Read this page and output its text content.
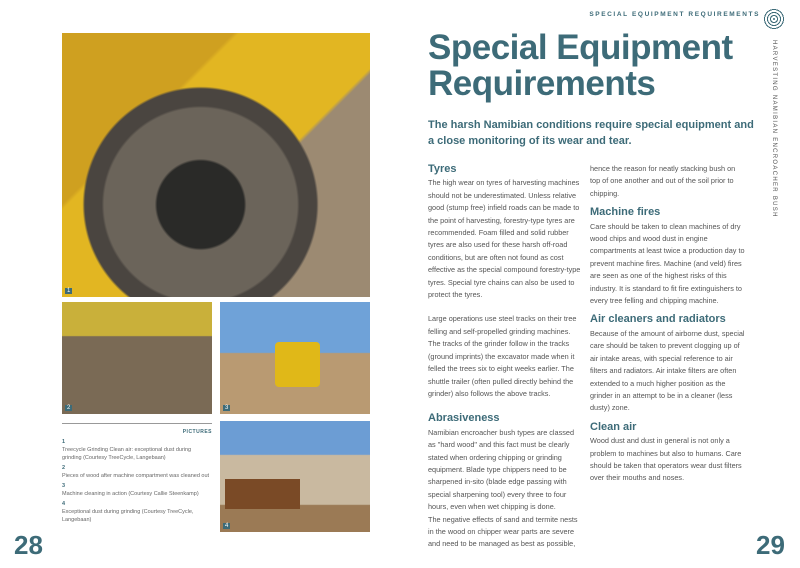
1
2	3
4
PICTURES
1
Treecycle Grinding Clean air: exceptional dust during grinding (Courtesy TreeCycle, Langebaan)
2
Pieces of wood after machine compartment was cleaned out
3
Machine cleaning in action (Courtesy Callie Steenkamp)
4
Exceptional dust during grinding (Courtesy TreeCycle, Langebaan)
28	29
SPECIAL EQUIPMENT REQUIREMENTS
HARVESTING NAMIBIAN ENCROACHER BUSH
Special Equipment Requirements
The harsh Namibian conditions require special equipment and a close monitoring of its wear and tear.
Tyres

The high wear on tyres of harvesting machines should not be underestimated. Unless relative good (stump free) infield roads can be made to the point of harvesting, forestry-type tyres are recommended. Foam filled and solid rubber tyres are also used for these harsh off-road conditions, but are often not found as cost effective as the special compound forestry-type tyres. Special tyre chains can also be used to protect the tyres.

Large operations use steel tracks on their tree felling and self-propelled grinding machines. The tracks of the grinder follow in the tracks (ground imprints) the excavator made when it felled the trees six to eight weeks earlier. The shuttle trailer (often pulled directly behind the grinder) also follows the above tracks.

Abrasiveness

Namibian encroacher bush types are classed as "hard wood" and this fact must be clearly stated when ordering chipping or grinding equipment. Blade type chippers need to be sharpened in-sito (blade edge passing with special sharpening tool) every three to four hours, even when wet chipping is done.

The negative effects of sand and termite nests in the wood on chipper wear parts are severe and need to be managed as best as possible,

hence the reason for neatly stacking bush on top of one another and out of the soil prior to chipping.

Machine fires

Care should be taken to clean machines of dry wood chips and wood dust in engine compartments at least twice a production day to prevent machine fires. Machine (and veld) fires are seen as one of the highest risks of this industry. It is standard to fit fire extinguishers to every tree felling and chipping machine.

Air cleaners and radiators

Because of the amount of airborne dust, special care should be taken to prevent clogging up of air intake areas, with special reference to air filters and radiators. Air intake filters are often extended to a much higher position as the grinder in an attempt to be in a cleaner (less dusty) zone.

Clean air

Wood dust and dust in general is not only a problem to machines but also to humans. Care should be taken that operators wear dust filters over their mouths and noses.
